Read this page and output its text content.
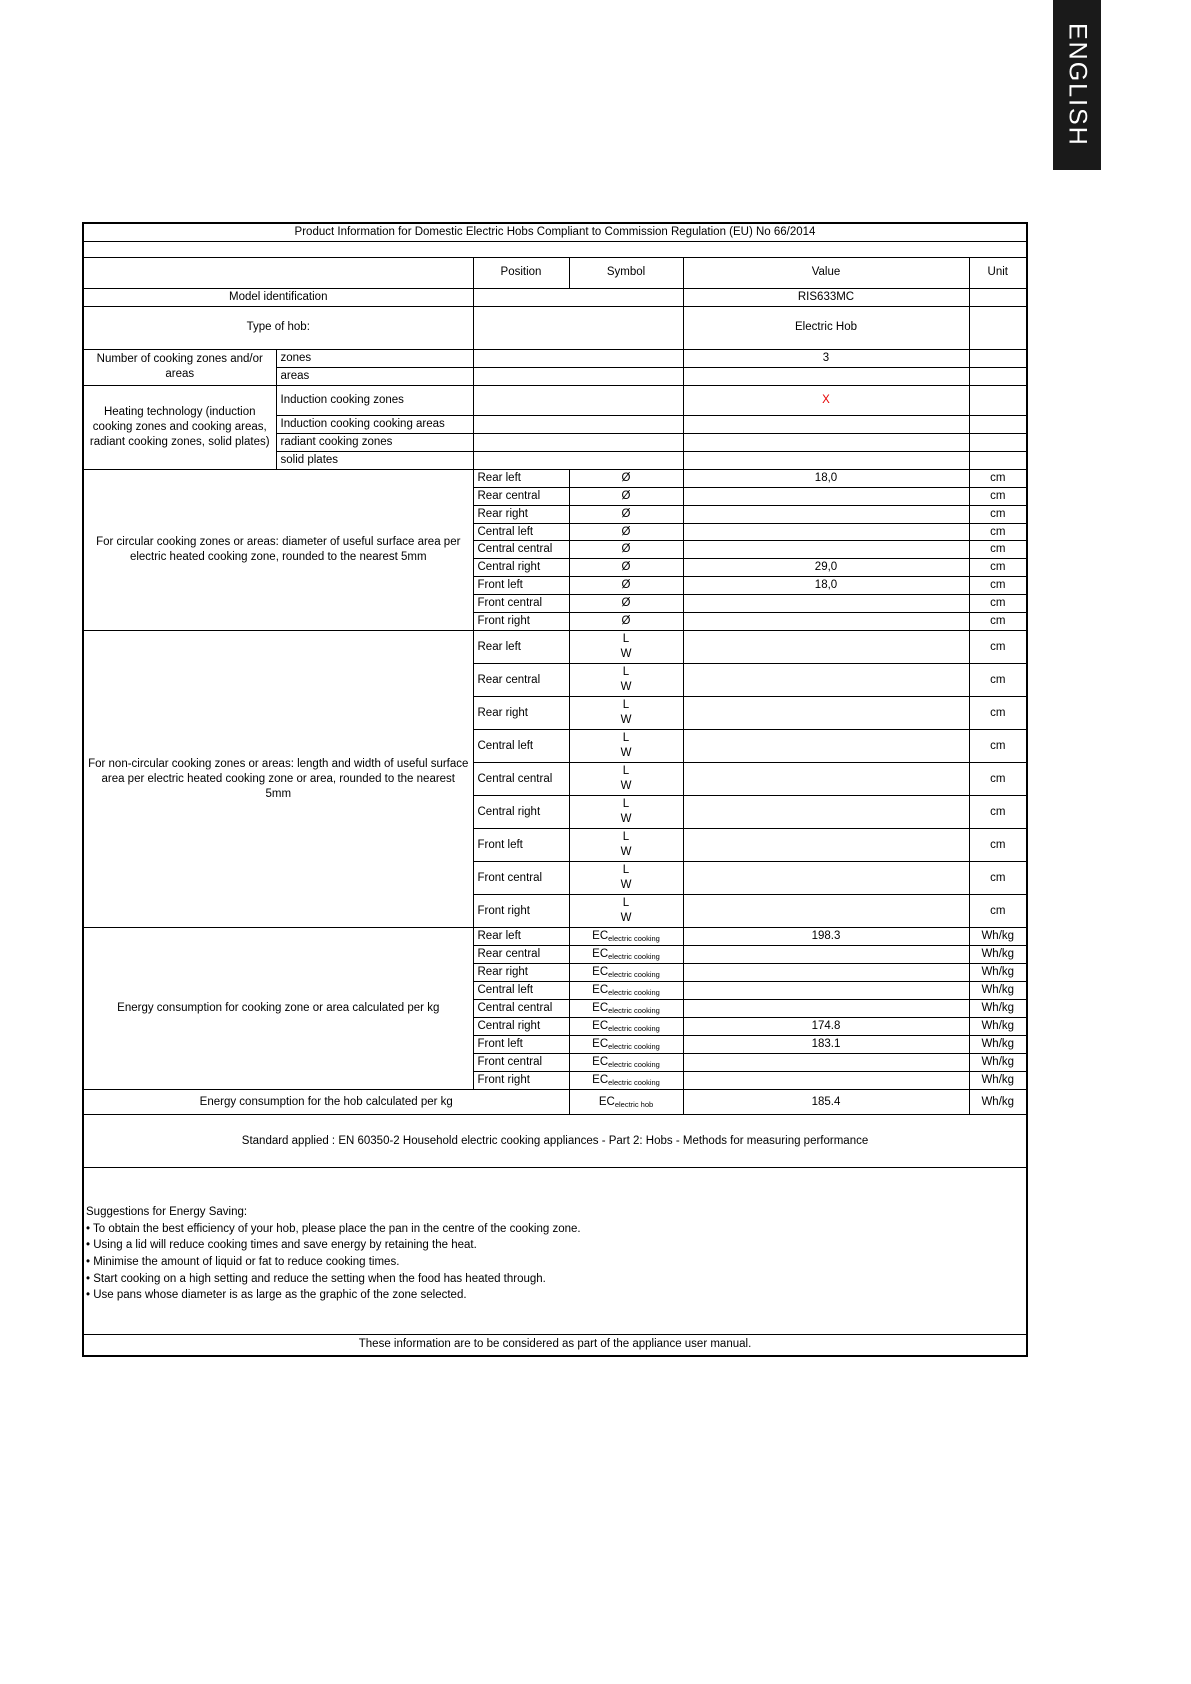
ENGLISH
Product Information for Domestic Electric Hobs Compliant to Commission Regulation (EU) No 66/2014					

		Position	Symbol	Value	Unit
Model identification				RIS633MC	
Type of hob:				Electric Hob	
Number of cooking zones and/or areas	zones			3	
	areas				
Heating technology (induction cooking zones and cooking areas, radiant cooking zones, solid plates)	Induction cooking zones			X	
	Induction cooking cooking areas				
	radiant cooking zones				
	solid plates				
For circular cooking zones or areas: diameter of useful surface area per electric heated cooking zone, rounded to the nearest 5mm		Rear left	Ø	18,0	cm
		Rear central	Ø		cm
		Rear right	Ø		cm
		Central left	Ø		cm
		Central central	Ø		cm
		Central right	Ø	29,0	cm
		Front left	Ø	18,0	cm
		Front central	Ø		cm
		Front right	Ø		cm
For non-circular cooking zones or areas: length and width of useful surface area per electric heated cooking zone or area, rounded to the nearest 5mm		Rear left	L
W		cm
		Rear central	L
W		cm
		Rear right	L
W		cm
		Central left	L
W		cm
		Central central	L
W		cm
		Central right	L
W		cm
		Front left	L
W		cm
		Front central	L
W		cm
		Front right	L
W		cm
Energy consumption for cooking zone or area calculated per kg		Rear left	ECelectric cooking	198.3	Wh/kg
		Rear central	ECelectric cooking		Wh/kg
		Rear right	ECelectric cooking		Wh/kg
		Central left	ECelectric cooking		Wh/kg
		Central central	ECelectric cooking		Wh/kg
		Central right	ECelectric cooking	174.8	Wh/kg
		Front left	ECelectric cooking	183.1	Wh/kg
		Front central	ECelectric cooking		Wh/kg
		Front right	ECelectric cooking		Wh/kg
Energy consumption for the hob calculated per kg			ECelectric hob	185.4	Wh/kg
Standard applied : EN 60350-2 Household electric cooking appliances - Part 2: Hobs - Methods for measuring performance					

Suggestions for Energy Saving:
• To obtain the best efficiency of your hob, please place the pan in the centre of the cooking zone.
• Using a lid will reduce cooking times and save energy by retaining the heat.
• Minimise the amount of liquid or fat to reduce cooking times.
• Start cooking on a high setting and reduce the setting when the food has heated through.
• Use pans whose diameter is as large as the graphic of the zone selected.

These information are to be considered as part of the appliance user manual.					
